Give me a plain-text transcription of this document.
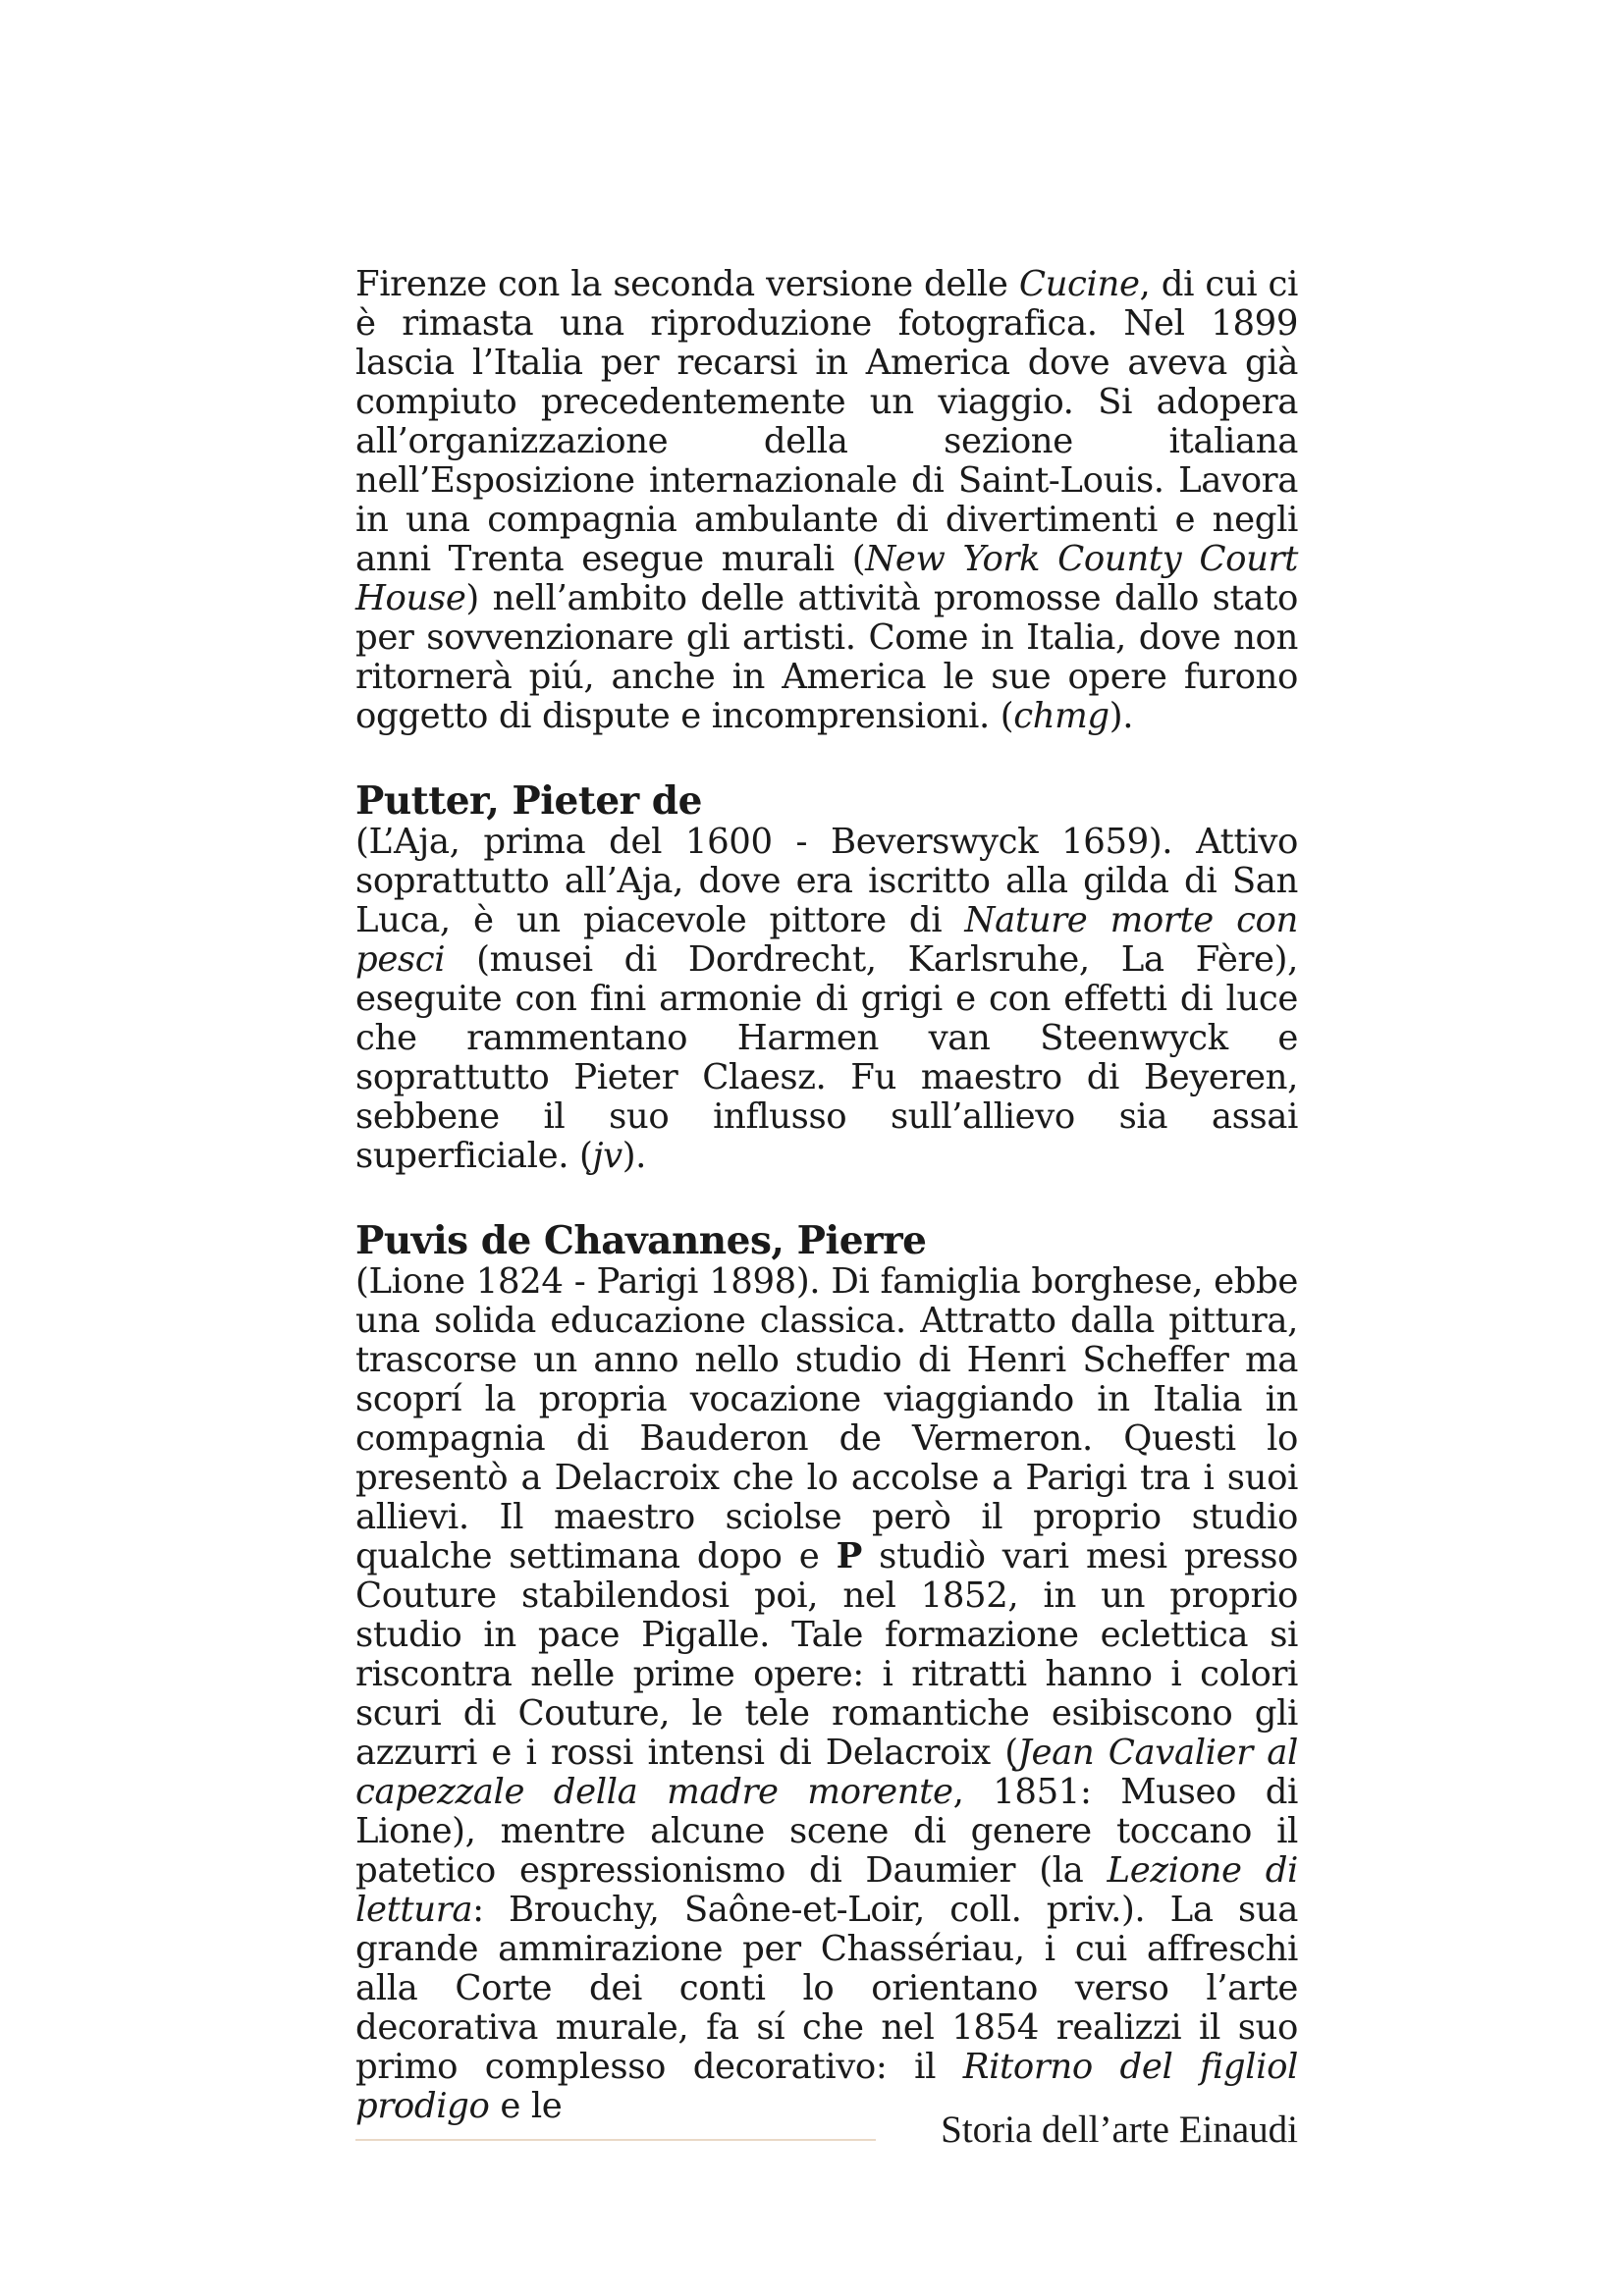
Firenze con la seconda versione delle Cucine, di cui ci è rimasta una riproduzione fotografica. Nel 1899 lascia l’Italia per recarsi in America dove aveva già compiuto precedentemente un viaggio. Si adopera all’organizzazione della sezione italiana nell’Esposizione internazionale di Saint-Louis. Lavora in una compagnia ambulante di divertimenti e negli anni Trenta esegue murali (New York County Court House) nell’ambito delle attività promosse dallo stato per sovvenzionare gli artisti. Come in Italia, dove non ritornerà piú, anche in America le sue opere furono oggetto di dispute e incomprensioni. (chmg).

Putter, Pieter de

(L’Aja, prima del 1600 - Beverswyck 1659). Attivo soprattutto all’Aja, dove era iscritto alla gilda di San Luca, è un piacevole pittore di Nature morte con pesci (musei di Dordrecht, Karlsruhe, La Fère), eseguite con fini armonie di grigi e con effetti di luce che rammentano Harmen van Steenwyck e soprattutto Pieter Claesz. Fu maestro di Beyeren, sebbene il suo influsso sull’allievo sia assai superficiale. (jv).

Puvis de Chavannes, Pierre

(Lione 1824 - Parigi 1898). Di famiglia borghese, ebbe una solida educazione classica. Attratto dalla pittura, trascorse un anno nello studio di Henri Scheffer ma scoprí la propria vocazione viaggiando in Italia in compagnia di Bauderon de Vermeron. Questi lo presentò a Delacroix che lo accolse a Parigi tra i suoi allievi. Il maestro sciolse però il proprio studio qualche settimana dopo e P studiò vari mesi presso Couture stabilendosi poi, nel 1852, in un proprio studio in pace Pigalle. Tale formazione eclettica si riscontra nelle prime opere: i ritratti hanno i colori scuri di Couture, le tele romantiche esibiscono gli azzurri e i rossi intensi di Delacroix (Jean Cavalier al capezzale della madre morente, 1851: Museo di Lione), mentre alcune scene di genere toccano il patetico espressionismo di Daumier (la Lezione di lettura: Brouchy, Saône-et-Loir, coll. priv.). La sua grande ammirazione per Chassériau, i cui affreschi alla Corte dei conti lo orientano verso l’arte decorativa murale, fa sí che nel 1854 realizzi il suo primo complesso decorativo: il Ritorno del figliol prodigo e le

Storia dell’arte Einaudi
